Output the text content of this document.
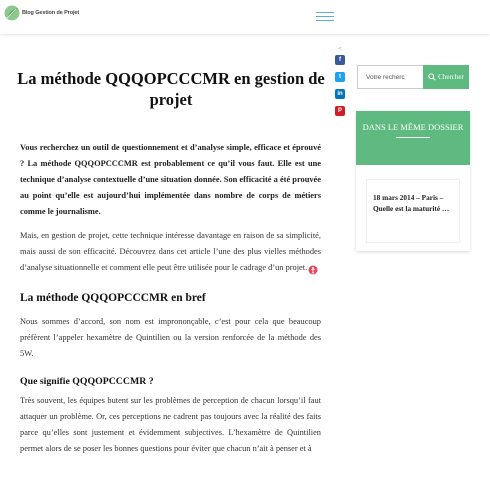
Blog Gestion de Projet
La méthode QQQOPCCCMR en gestion de projet
Vous recherchez un outil de questionnement et d’analyse simple, efficace et éprouvé ? La méthode QQQOPCCCMR est probablement ce qu’il vous faut. Elle est une technique d’analyse contextuelle d’une situation donnée. Son efficacité a été prouvée au point qu’elle est aujourd’hui implémentée dans nombre de corps de métiers comme le journalisme.
Mais, en gestion de projet, cette technique intéresse davantage en raison de sa simplicité, mais aussi de son efficacité. Découvrez dans cet article l’une des plus vielles méthodes d’analyse situationnelle et comment elle peut être utilisée pour le cadrage d’un projet.
La méthode QQQOPCCCMR en bref
Nous sommes d’accord, son nom est imprononçable, c’est pour cela que beaucoup préfèrent l’appeler hexamètre de Quintilien ou la version renforcée de la méthode des 5W.
Que signifie QQQOPCCCMR ?
Très souvent, les équipes butent sur les problèmes de perception de chacun lorsqu’il faut attaquer un problème. Or, ces perceptions ne cadrent pas toujours avec la réalité des faits parce qu’elles sont justement et évidemment subjectives. L’hexamètre de Quintilien permet alors de se poser les bonnes questions pour éviter que chacun n’ait à penser et à
<
f
t
in
P
Votre recherc
Chercher
DANS LE MÊME DOSSIER
18 mars 2014 – Paris – Quelle est la maturité …
